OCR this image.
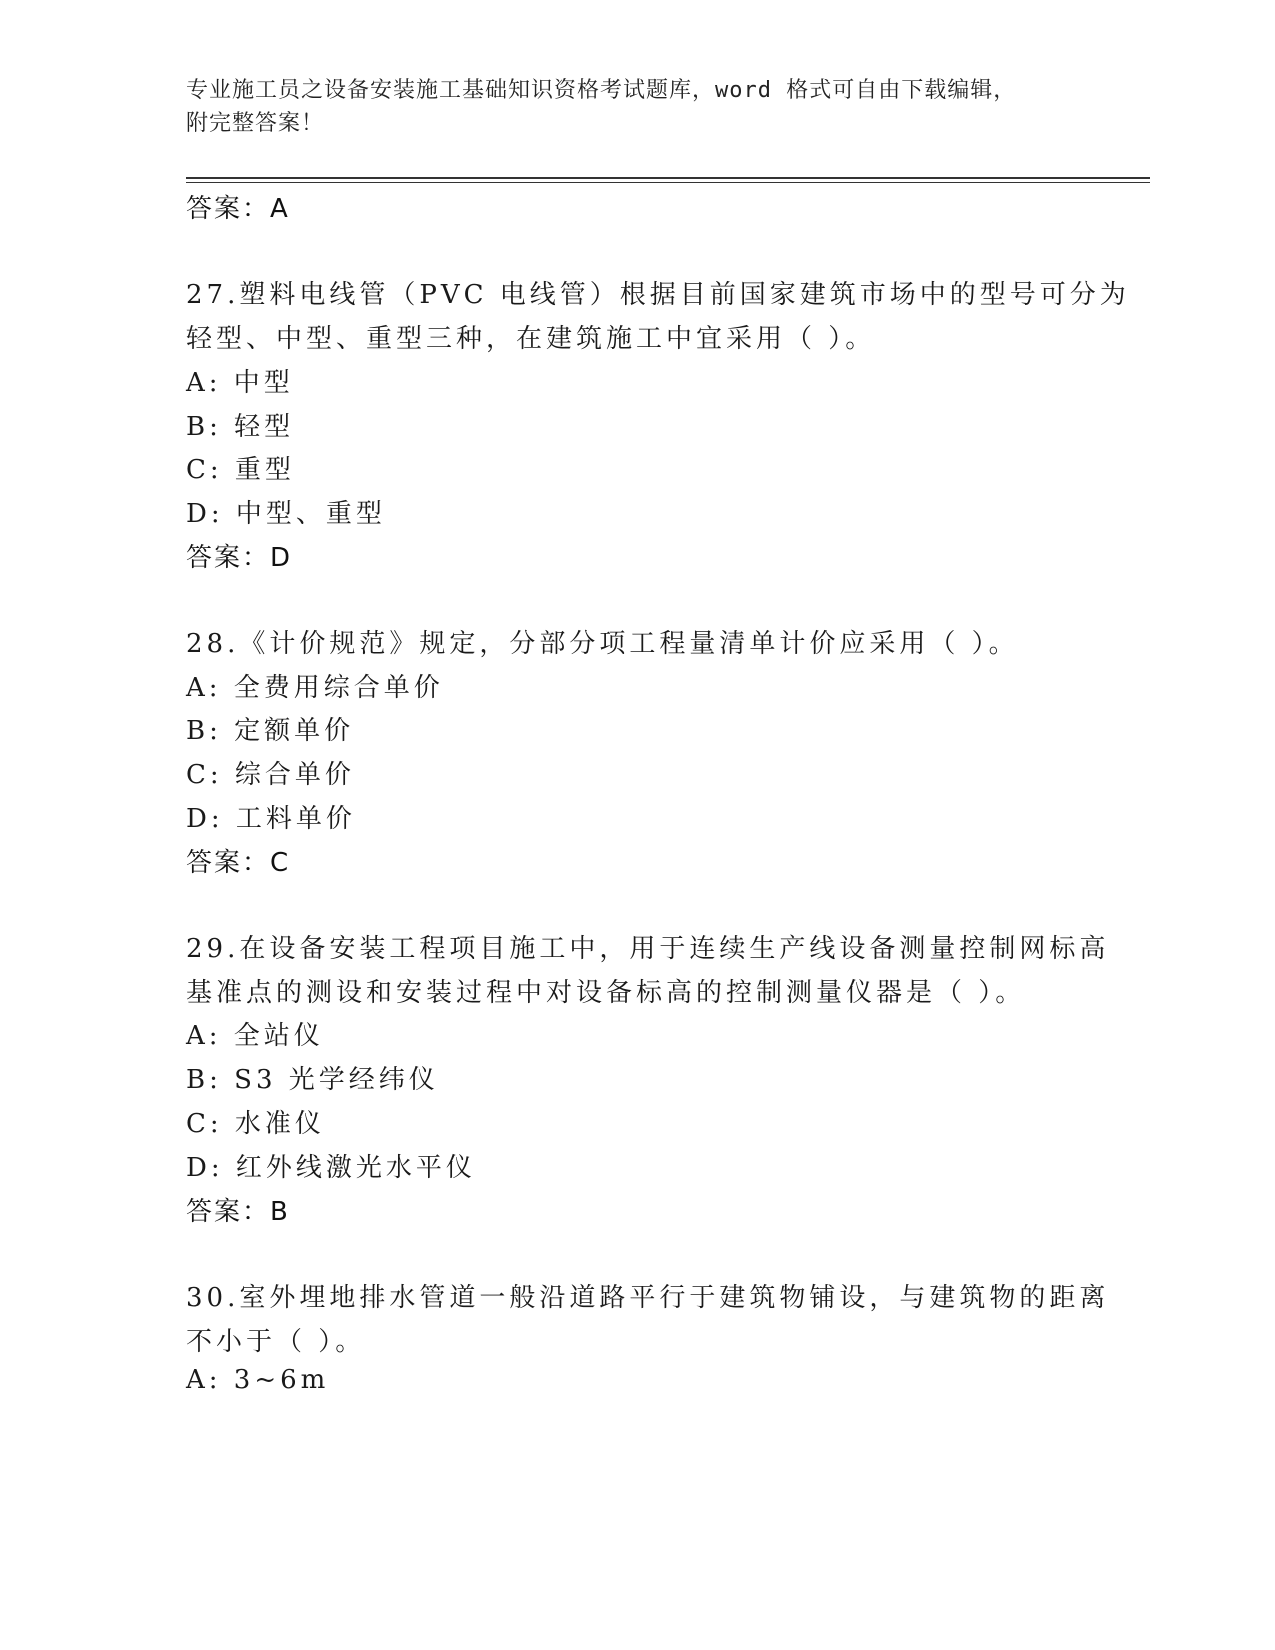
专业施工员之设备安装施工基础知识资格考试题库，word 格式可自由下载编辑，
附完整答案！
答案：A
27.塑料电线管（PVC 电线管）根据目前国家建筑市场中的型号可分为
轻型、中型、重型三种，在建筑施工中宜采用（ ）。
A: 中型
B: 轻型
C: 重型
D: 中型、重型
答案：D
28.《计价规范》规定，分部分项工程量清单计价应采用（ ）。
A: 全费用综合单价
B: 定额单价
C: 综合单价
D: 工料单价
答案：C
29.在设备安装工程项目施工中，用于连续生产线设备测量控制网标高
基准点的测设和安装过程中对设备标高的控制测量仪器是（ ）。
A: 全站仪
B: S3 光学经纬仪
C: 水准仪
D: 红外线激光水平仪
答案：B
30.室外埋地排水管道一般沿道路平行于建筑物铺设，与建筑物的距离
不小于（ ）。
A: 3~6m
